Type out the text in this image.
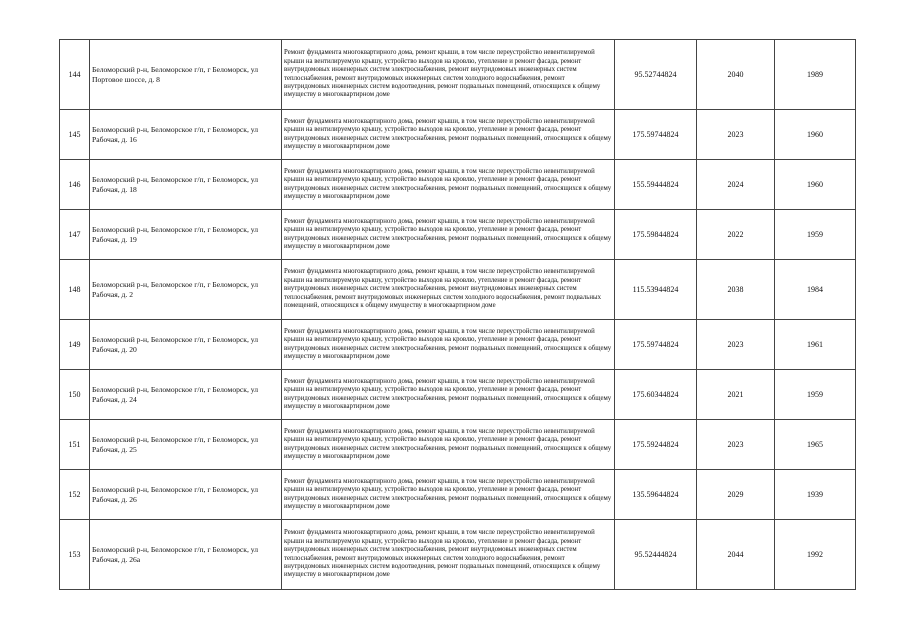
144	Беломорский р-н, Беломорское г/п, г Беломорск, ул Портовое шоссе, д. 8	Ремонт фундамента многоквартирного дома, ремонт крыши, в том числе переустройство невентилируемой крыши на вентилируемую крышу, устройство выходов на кровлю, утепление и ремонт фасада, ремонт внутридомовых инженерных систем электроснабжения, ремонт внутридомовых инженерных систем теплоснабжения, ремонт внутридомовых инженерных систем холодного водоснабжения, ремонт внутридомовых инженерных систем водоотведения, ремонт подвальных помещений, относящихся к общему имуществу в многоквартирном доме	95.52744824	2040	1989
145	Беломорский р-н, Беломорское г/п, г Беломорск, ул Рабочая, д. 16	Ремонт фундамента многоквартирного дома, ремонт крыши, в том числе переустройство невентилируемой крыши на вентилируемую крышу, устройство выходов на кровлю, утепление и ремонт фасада, ремонт внутридомовых инженерных систем электроснабжения, ремонт подвальных помещений, относящихся к общему имуществу в многоквартирном доме	175.59744824	2023	1960
146	Беломорский р-н, Беломорское г/п, г Беломорск, ул Рабочая, д. 18	Ремонт фундамента многоквартирного дома, ремонт крыши, в том числе переустройство невентилируемой крыши на вентилируемую крышу, устройство выходов на кровлю, утепление и ремонт фасада, ремонт внутридомовых инженерных систем электроснабжения, ремонт подвальных помещений, относящихся к общему имуществу в многоквартирном доме	155.59444824	2024	1960
147	Беломорский р-н, Беломорское г/п, г Беломорск, ул Рабочая, д. 19	Ремонт фундамента многоквартирного дома, ремонт крыши, в том числе переустройство невентилируемой крыши на вентилируемую крышу, устройство выходов на кровлю, утепление и ремонт фасада, ремонт внутридомовых инженерных систем электроснабжения, ремонт подвальных помещений, относящихся к общему имуществу в многоквартирном доме	175.59844824	2022	1959
148	Беломорский р-н, Беломорское г/п, г Беломорск, ул Рабочая, д. 2	Ремонт фундамента многоквартирного дома, ремонт крыши, в том числе переустройство невентилируемой крыши на вентилируемую крышу, устройство выходов на кровлю, утепление и ремонт фасада, ремонт внутридомовых инженерных систем электроснабжения, ремонт внутридомовых инженерных систем теплоснабжения, ремонт внутридомовых инженерных систем холодного водоснабжения, ремонт подвальных помещений, относящихся к общему имуществу в многоквартирном доме	115.53944824	2038	1984
149	Беломорский р-н, Беломорское г/п, г Беломорск, ул Рабочая, д. 20	Ремонт фундамента многоквартирного дома, ремонт крыши, в том числе переустройство невентилируемой крыши на вентилируемую крышу, устройство выходов на кровлю, утепление и ремонт фасада, ремонт внутридомовых инженерных систем электроснабжения, ремонт подвальных помещений, относящихся к общему имуществу в многоквартирном доме	175.59744824	2023	1961
150	Беломорский р-н, Беломорское г/п, г Беломорск, ул Рабочая, д. 24	Ремонт фундамента многоквартирного дома, ремонт крыши, в том числе переустройство невентилируемой крыши на вентилируемую крышу, устройство выходов на кровлю, утепление и ремонт фасада, ремонт внутридомовых инженерных систем электроснабжения, ремонт подвальных помещений, относящихся к общему имуществу в многоквартирном доме	175.60344824	2021	1959
151	Беломорский р-н, Беломорское г/п, г Беломорск, ул Рабочая, д. 25	Ремонт фундамента многоквартирного дома, ремонт крыши, в том числе переустройство невентилируемой крыши на вентилируемую крышу, устройство выходов на кровлю, утепление и ремонт фасада, ремонт внутридомовых инженерных систем электроснабжения, ремонт подвальных помещений, относящихся к общему имуществу в многоквартирном доме	175.59244824	2023	1965
152	Беломорский р-н, Беломорское г/п, г Беломорск, ул Рабочая, д. 26	Ремонт фундамента многоквартирного дома, ремонт крыши, в том числе переустройство невентилируемой крыши на вентилируемую крышу, устройство выходов на кровлю, утепление и ремонт фасада, ремонт внутридомовых инженерных систем электроснабжения, ремонт подвальных помещений, относящихся к общему имуществу в многоквартирном доме	135.59644824	2029	1939
153	Беломорский р-н, Беломорское г/п, г Беломорск, ул Рабочая, д. 26а	Ремонт фундамента многоквартирного дома, ремонт крыши, в том числе переустройство невентилируемой крыши на вентилируемую крышу, устройство выходов на кровлю, утепление и ремонт фасада, ремонт внутридомовых инженерных систем электроснабжения, ремонт внутридомовых инженерных систем теплоснабжения, ремонт внутридомовых инженерных систем холодного водоснабжения, ремонт внутридомовых инженерных систем водоотведения, ремонт подвальных помещений, относящихся к общему имуществу в многоквартирном доме	95.52444824	2044	1992
